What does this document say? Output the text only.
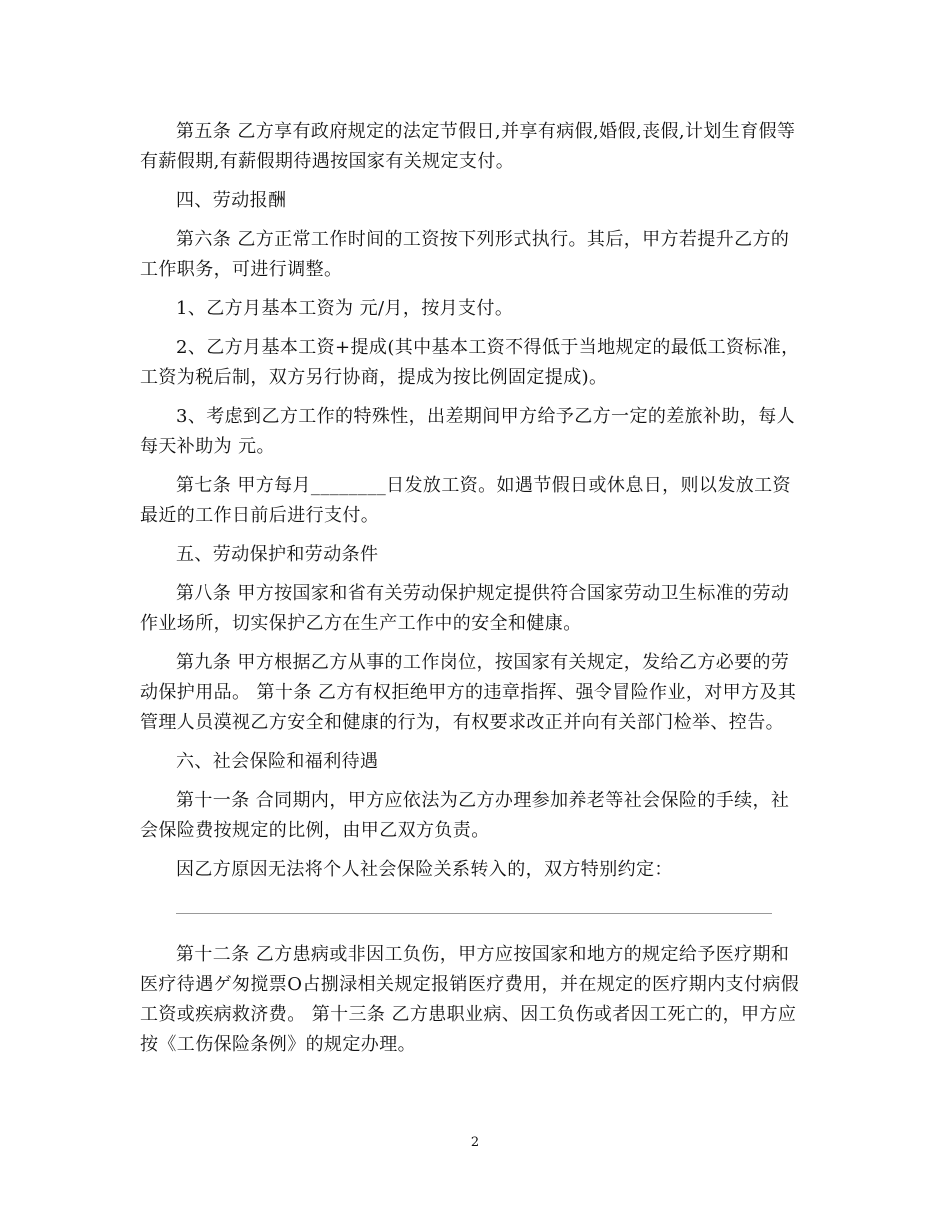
第五条 乙方享有政府规定的法定节假日,并享有病假,婚假,丧假,计划生育假等有薪假期,有薪假期待遇按国家有关规定支付。

四、劳动报酬

第六条 乙方正常工作时间的工资按下列形式执行。其后，甲方若提升乙方的工作职务，可进行调整。

1、乙方月基本工资为 元/月，按月支付。

2、乙方月基本工资+提成(其中基本工资不得低于当地规定的最低工资标准，工资为税后制，双方另行协商，提成为按比例固定提成)。

3、考虑到乙方工作的特殊性，出差期间甲方给予乙方一定的差旅补助，每人每天补助为 元。

第七条 甲方每月________日发放工资。如遇节假日或休息日，则以发放工资最近的工作日前后进行支付。

五、劳动保护和劳动条件

第八条 甲方按国家和省有关劳动保护规定提供符合国家劳动卫生标准的劳动作业场所，切实保护乙方在生产工作中的安全和健康。

第九条 甲方根据乙方从事的工作岗位，按国家有关规定，发给乙方必要的劳动保护用品。 第十条 乙方有权拒绝甲方的违章指挥、强令冒险作业，对甲方及其管理人员漠视乙方安全和健康的行为，有权要求改正并向有关部门检举、控告。

六、社会保险和福利待遇

第十一条 合同期内，甲方应依法为乙方办理参加养老等社会保险的手续，社会保险费按规定的比例，由甲乙双方负责。

因乙方原因无法将个人社会保险关系转入的，双方特别约定：

第十二条 乙方患病或非因工负伤，甲方应按国家和地方的规定给予医疗期和医疗待遇ゲ匆搅票O占捌渌相关规定报销医疗费用，并在规定的医疗期内支付病假工资或疾病救济费。 第十三条 乙方患职业病、因工负伤或者因工死亡的，甲方应按《工伤保险条例》的规定办理。

2
